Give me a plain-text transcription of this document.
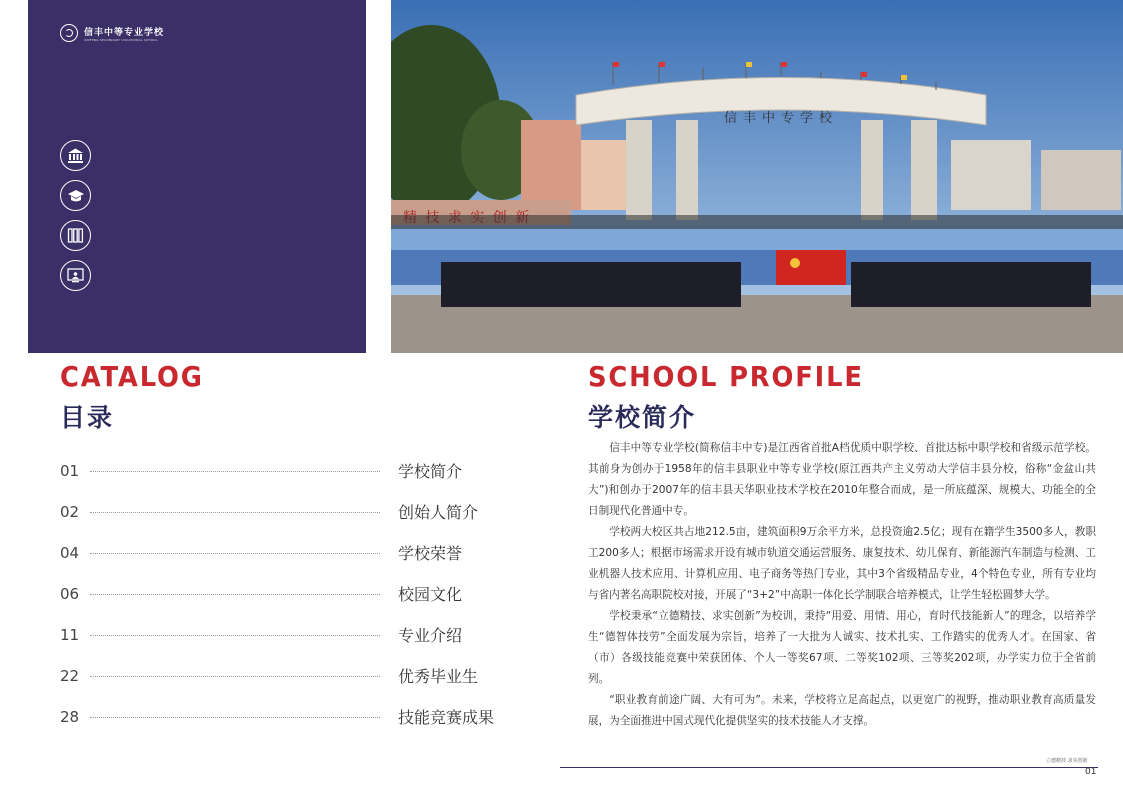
信丰中等专业学校
XINFENG SECONDARY VOCATIONAL SCHOOL
信丰中专学校
CATALOG
目录
01	学校简介
02	创始人简介
04	学校荣誉
06	校园文化
11	专业介绍
22	优秀毕业生
28	技能竞赛成果
SCHOOL PROFILE
学校简介

信丰中等专业学校(简称信丰中专)是江西省首批A档优质中职学校、首批达标中职学校和省级示范学校。其前身为创办于1958年的信丰县职业中等专业学校(原江西共产主义劳动大学信丰县分校，俗称“金盆山共大”)和创办于2007年的信丰县天华职业技术学校在2010年整合而成，是一所底蕴深、规模大、功能全的全日制现代化普通中专。

学校两大校区共占地212.5亩，建筑面积9万余平方米，总投资逾2.5亿；现有在籍学生3500多人，教职工200多人；根据市场需求开设有城市轨道交通运营服务、康复技术、幼儿保育、新能源汽车制造与检测、工业机器人技术应用、计算机应用、电子商务等热门专业，其中3个省级精品专业，4个特色专业，所有专业均与省内著名高职院校对接，开展了“3+2”中高职一体化长学制联合培养模式，让学生轻松圆梦大学。

学校秉承“立德精技、求实创新”为校训，秉持“用爱、用情、用心，育时代技能新人”的理念，以培养学生“德智体技劳”全面发展为宗旨，培养了一大批为人诚实、技术扎实、工作踏实的优秀人才。在国家、省（市）各级技能竞赛中荣获团体、个人一等奖67项、二等奖102项、三等奖202项，办学实力位于全省前列。

“职业教育前途广阔、大有可为”。未来，学校将立足高起点，以更宽广的视野，推动职业教育高质量发展，为全面推进中国式现代化提供坚实的技术技能人才支撑。

立德精技 求实创新
01
